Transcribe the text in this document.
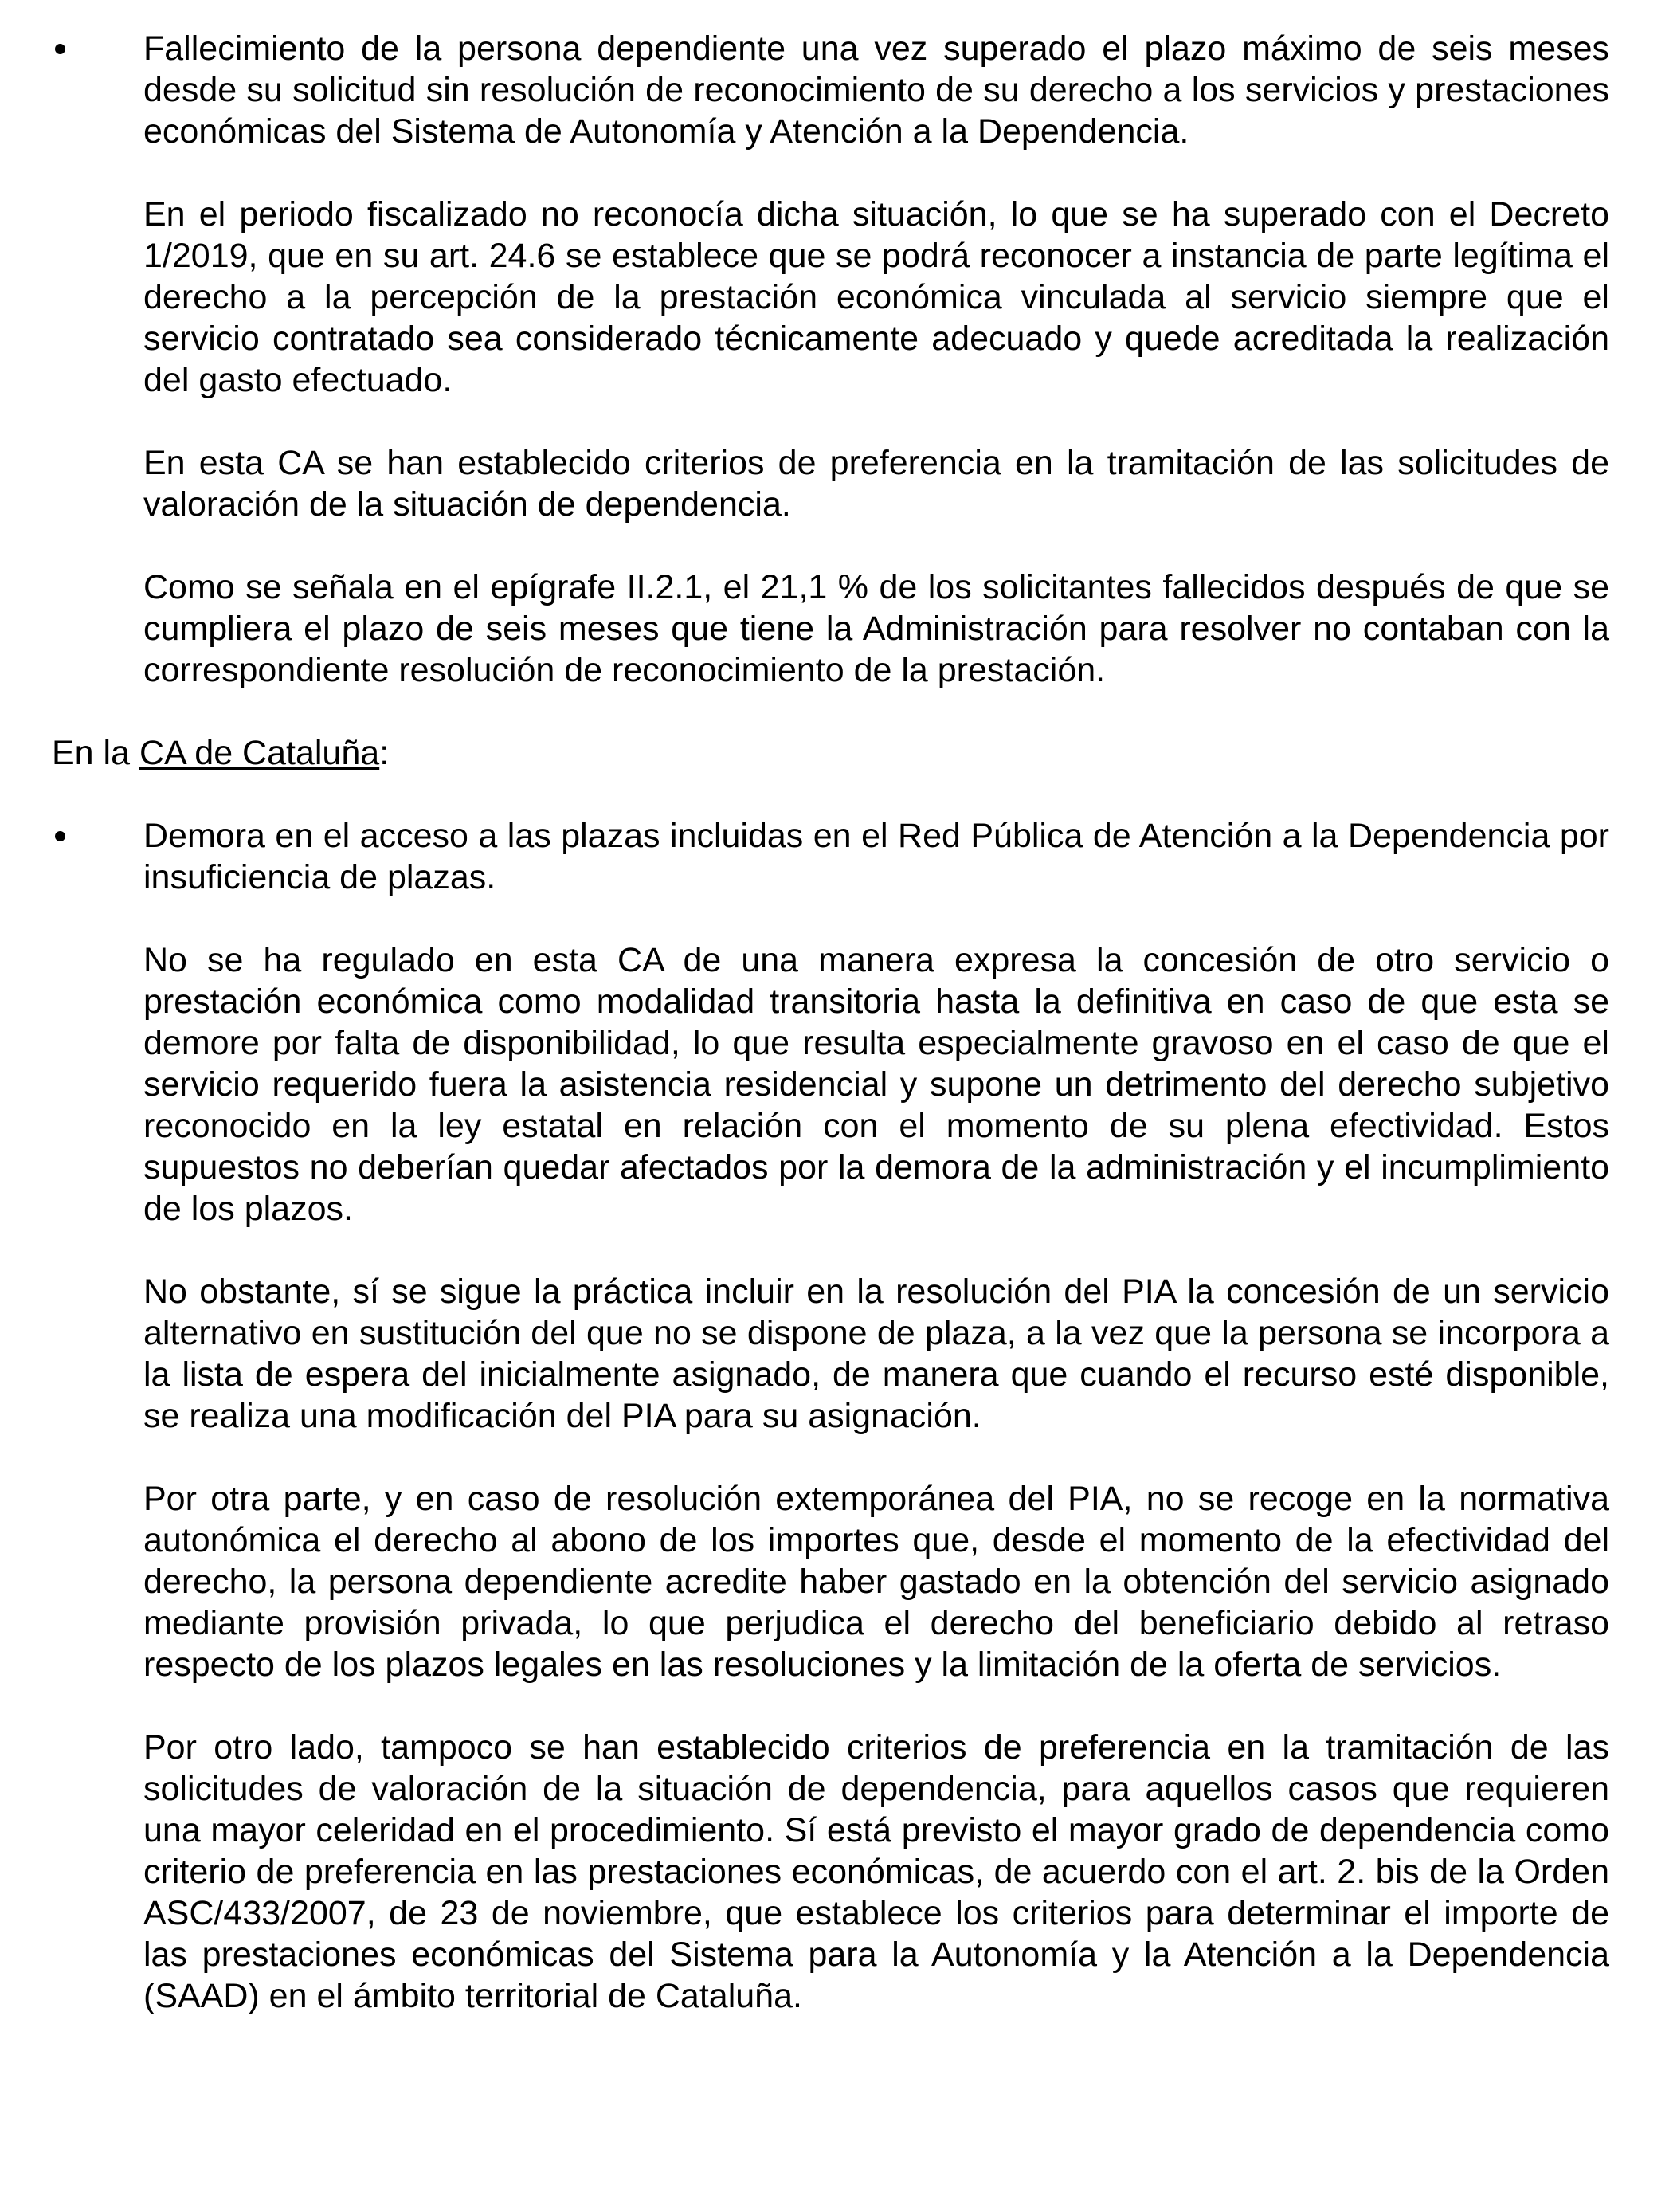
Fallecimiento de la persona dependiente una vez superado el plazo máximo de seis meses desde su solicitud sin resolución de reconocimiento de su derecho a los servicios y prestaciones económicas del Sistema de Autonomía y Atención a la Dependencia.

En el periodo fiscalizado no reconocía dicha situación, lo que se ha superado con el Decreto 1/2019, que en su art. 24.6 se establece que se podrá reconocer a instancia de parte legítima el derecho a la percepción de la prestación económica vinculada al servicio siempre que el servicio contratado sea considerado técnicamente adecuado y quede acreditada la realización del gasto efectuado.

En esta CA se han establecido criterios de preferencia en la tramitación de las solicitudes de valoración de la situación de dependencia.

Como se señala en el epígrafe II.2.1, el 21,1 % de los solicitantes fallecidos después de que se cumpliera el plazo de seis meses que tiene la Administración para resolver no contaban con la correspondiente resolución de reconocimiento de la prestación.

En la CA de Cataluña:

Demora en el acceso a las plazas incluidas en el Red Pública de Atención a la Dependencia por insuficiencia de plazas.

No se ha regulado en esta CA de una manera expresa la concesión de otro servicio o prestación económica como modalidad transitoria hasta la definitiva en caso de que esta se demore por falta de disponibilidad, lo que resulta especialmente gravoso en el caso de que el servicio requerido fuera la asistencia residencial y supone un detrimento del derecho subjetivo reconocido en la ley estatal en relación con el momento de su plena efectividad. Estos supuestos no deberían quedar afectados por la demora de la administración y el incumplimiento de los plazos.

No obstante, sí se sigue la práctica incluir en la resolución del PIA la concesión de un servicio alternativo en sustitución del que no se dispone de plaza, a la vez que la persona se incorpora a la lista de espera del inicialmente asignado, de manera que cuando el recurso esté disponible, se realiza una modificación del PIA para su asignación.

Por otra parte, y en caso de resolución extemporánea del PIA, no se recoge en la normativa autonómica el derecho al abono de los importes que, desde el momento de la efectividad del derecho, la persona dependiente acredite haber gastado en la obtención del servicio asignado mediante provisión privada, lo que perjudica el derecho del beneficiario debido al retraso respecto de los plazos legales en las resoluciones y la limitación de la oferta de servicios.

Por otro lado, tampoco se han establecido criterios de preferencia en la tramitación de las solicitudes de valoración de la situación de dependencia, para aquellos casos que requieren una mayor celeridad en el procedimiento. Sí está previsto el mayor grado de dependencia como criterio de preferencia en las prestaciones económicas, de acuerdo con el art. 2. bis de la Orden ASC/433/2007, de 23 de noviembre, que establece los criterios para determinar el importe de las prestaciones económicas del Sistema para la Autonomía y la Atención a la Dependencia (SAAD) en el ámbito territorial de Cataluña.
